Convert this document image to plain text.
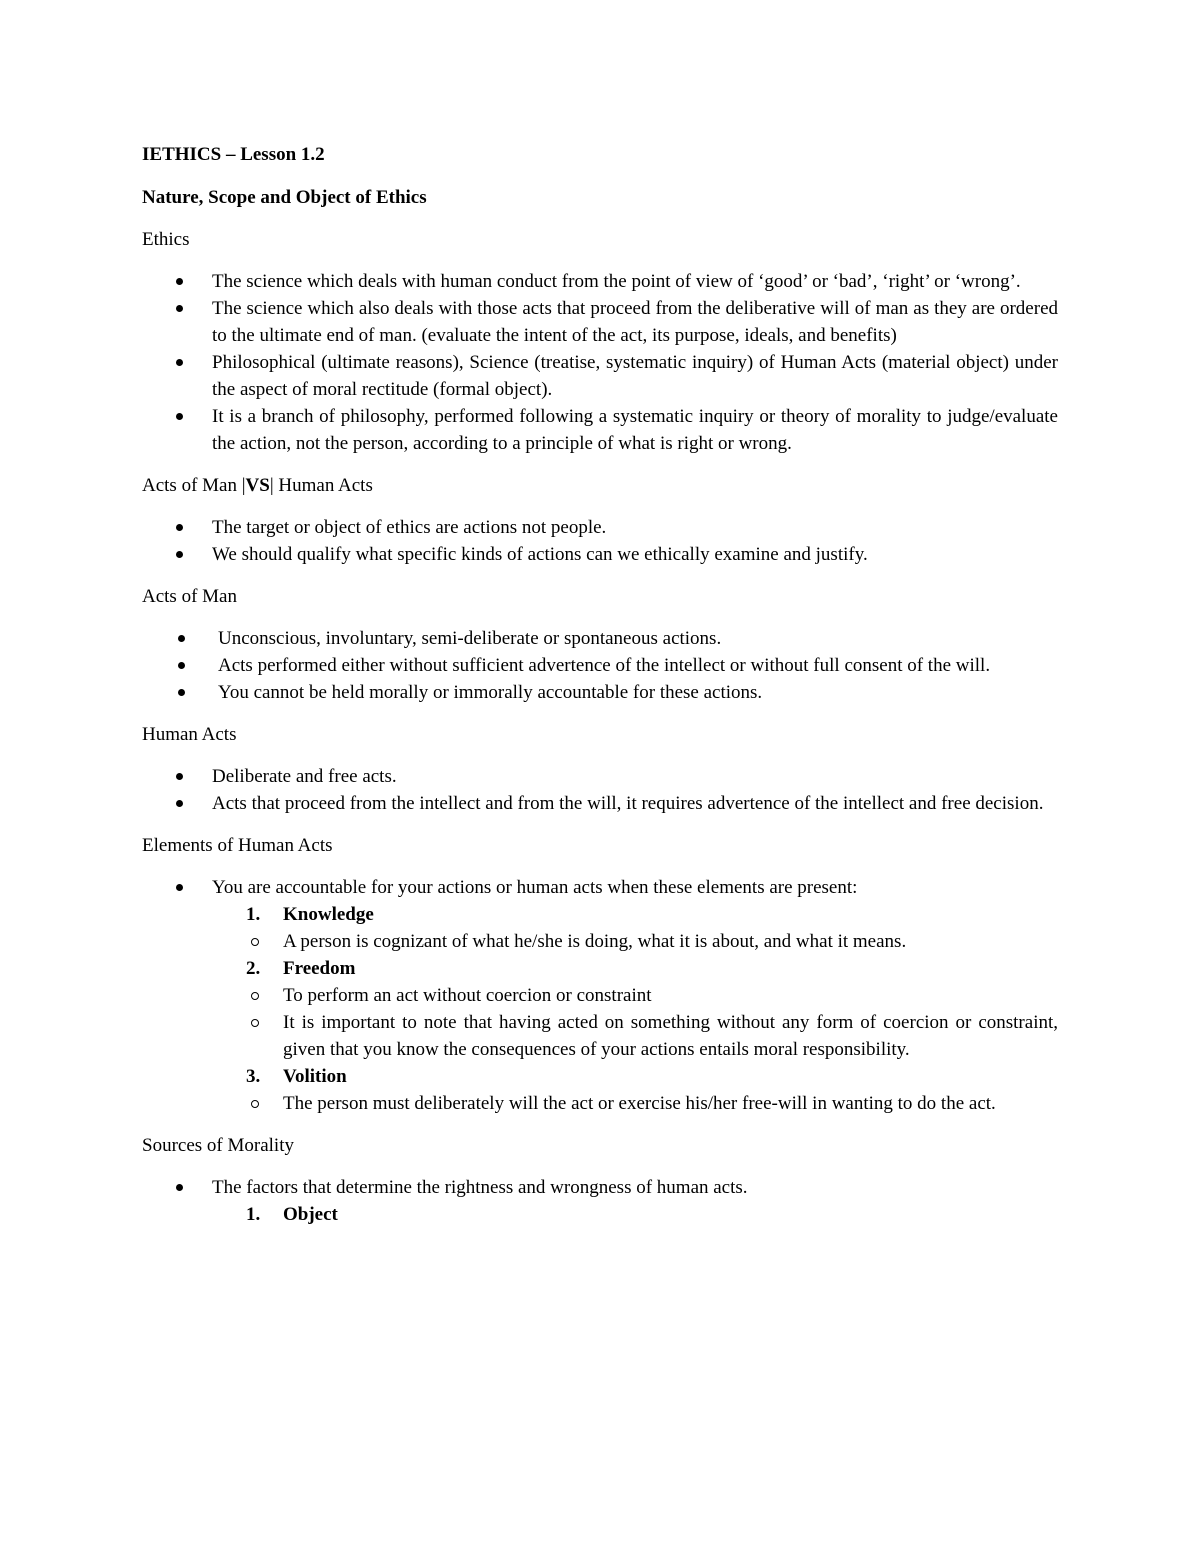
IETHICS – Lesson 1.2

Nature, Scope and Object of Ethics

Ethics

The science which deals with human conduct from the point of view of ‘good’ or ‘bad’, ‘right’ or ‘wrong’.
The science which also deals with those acts that proceed from the deliberative will of man as they are ordered to the ultimate end of man. (evaluate the intent of the act, its purpose, ideals, and benefits)
Philosophical (ultimate reasons), Science (treatise, systematic inquiry) of Human Acts (material object) under the aspect of moral rectitude (formal object).
It is a branch of philosophy, performed following a systematic inquiry or theory of morality to judge/evaluate the action, not the person, according to a principle of what is right or wrong.

Acts of Man |VS| Human Acts

The target or object of ethics are actions not people.
We should qualify what specific kinds of actions can we ethically examine and justify.

Acts of Man

Unconscious, involuntary, semi-deliberate or spontaneous actions.
Acts performed either without sufficient advertence of the intellect or without full consent of the will.
You cannot be held morally or immorally accountable for these actions.

Human Acts

Deliberate and free acts.
Acts that proceed from the intellect and from the will, it requires advertence of the intellect and free decision.

Elements of Human Acts

You are accountable for your actions or human acts when these elements are present:
1. Knowledge
A person is cognizant of what he/she is doing, what it is about, and what it means.
2. Freedom
To perform an act without coercion or constraint
It is important to note that having acted on something without any form of coercion or constraint, given that you know the consequences of your actions entails moral responsibility.
3. Volition
The person must deliberately will the act or exercise his/her free-will in wanting to do the act.

Sources of Morality

The factors that determine the rightness and wrongness of human acts.
1. Object
